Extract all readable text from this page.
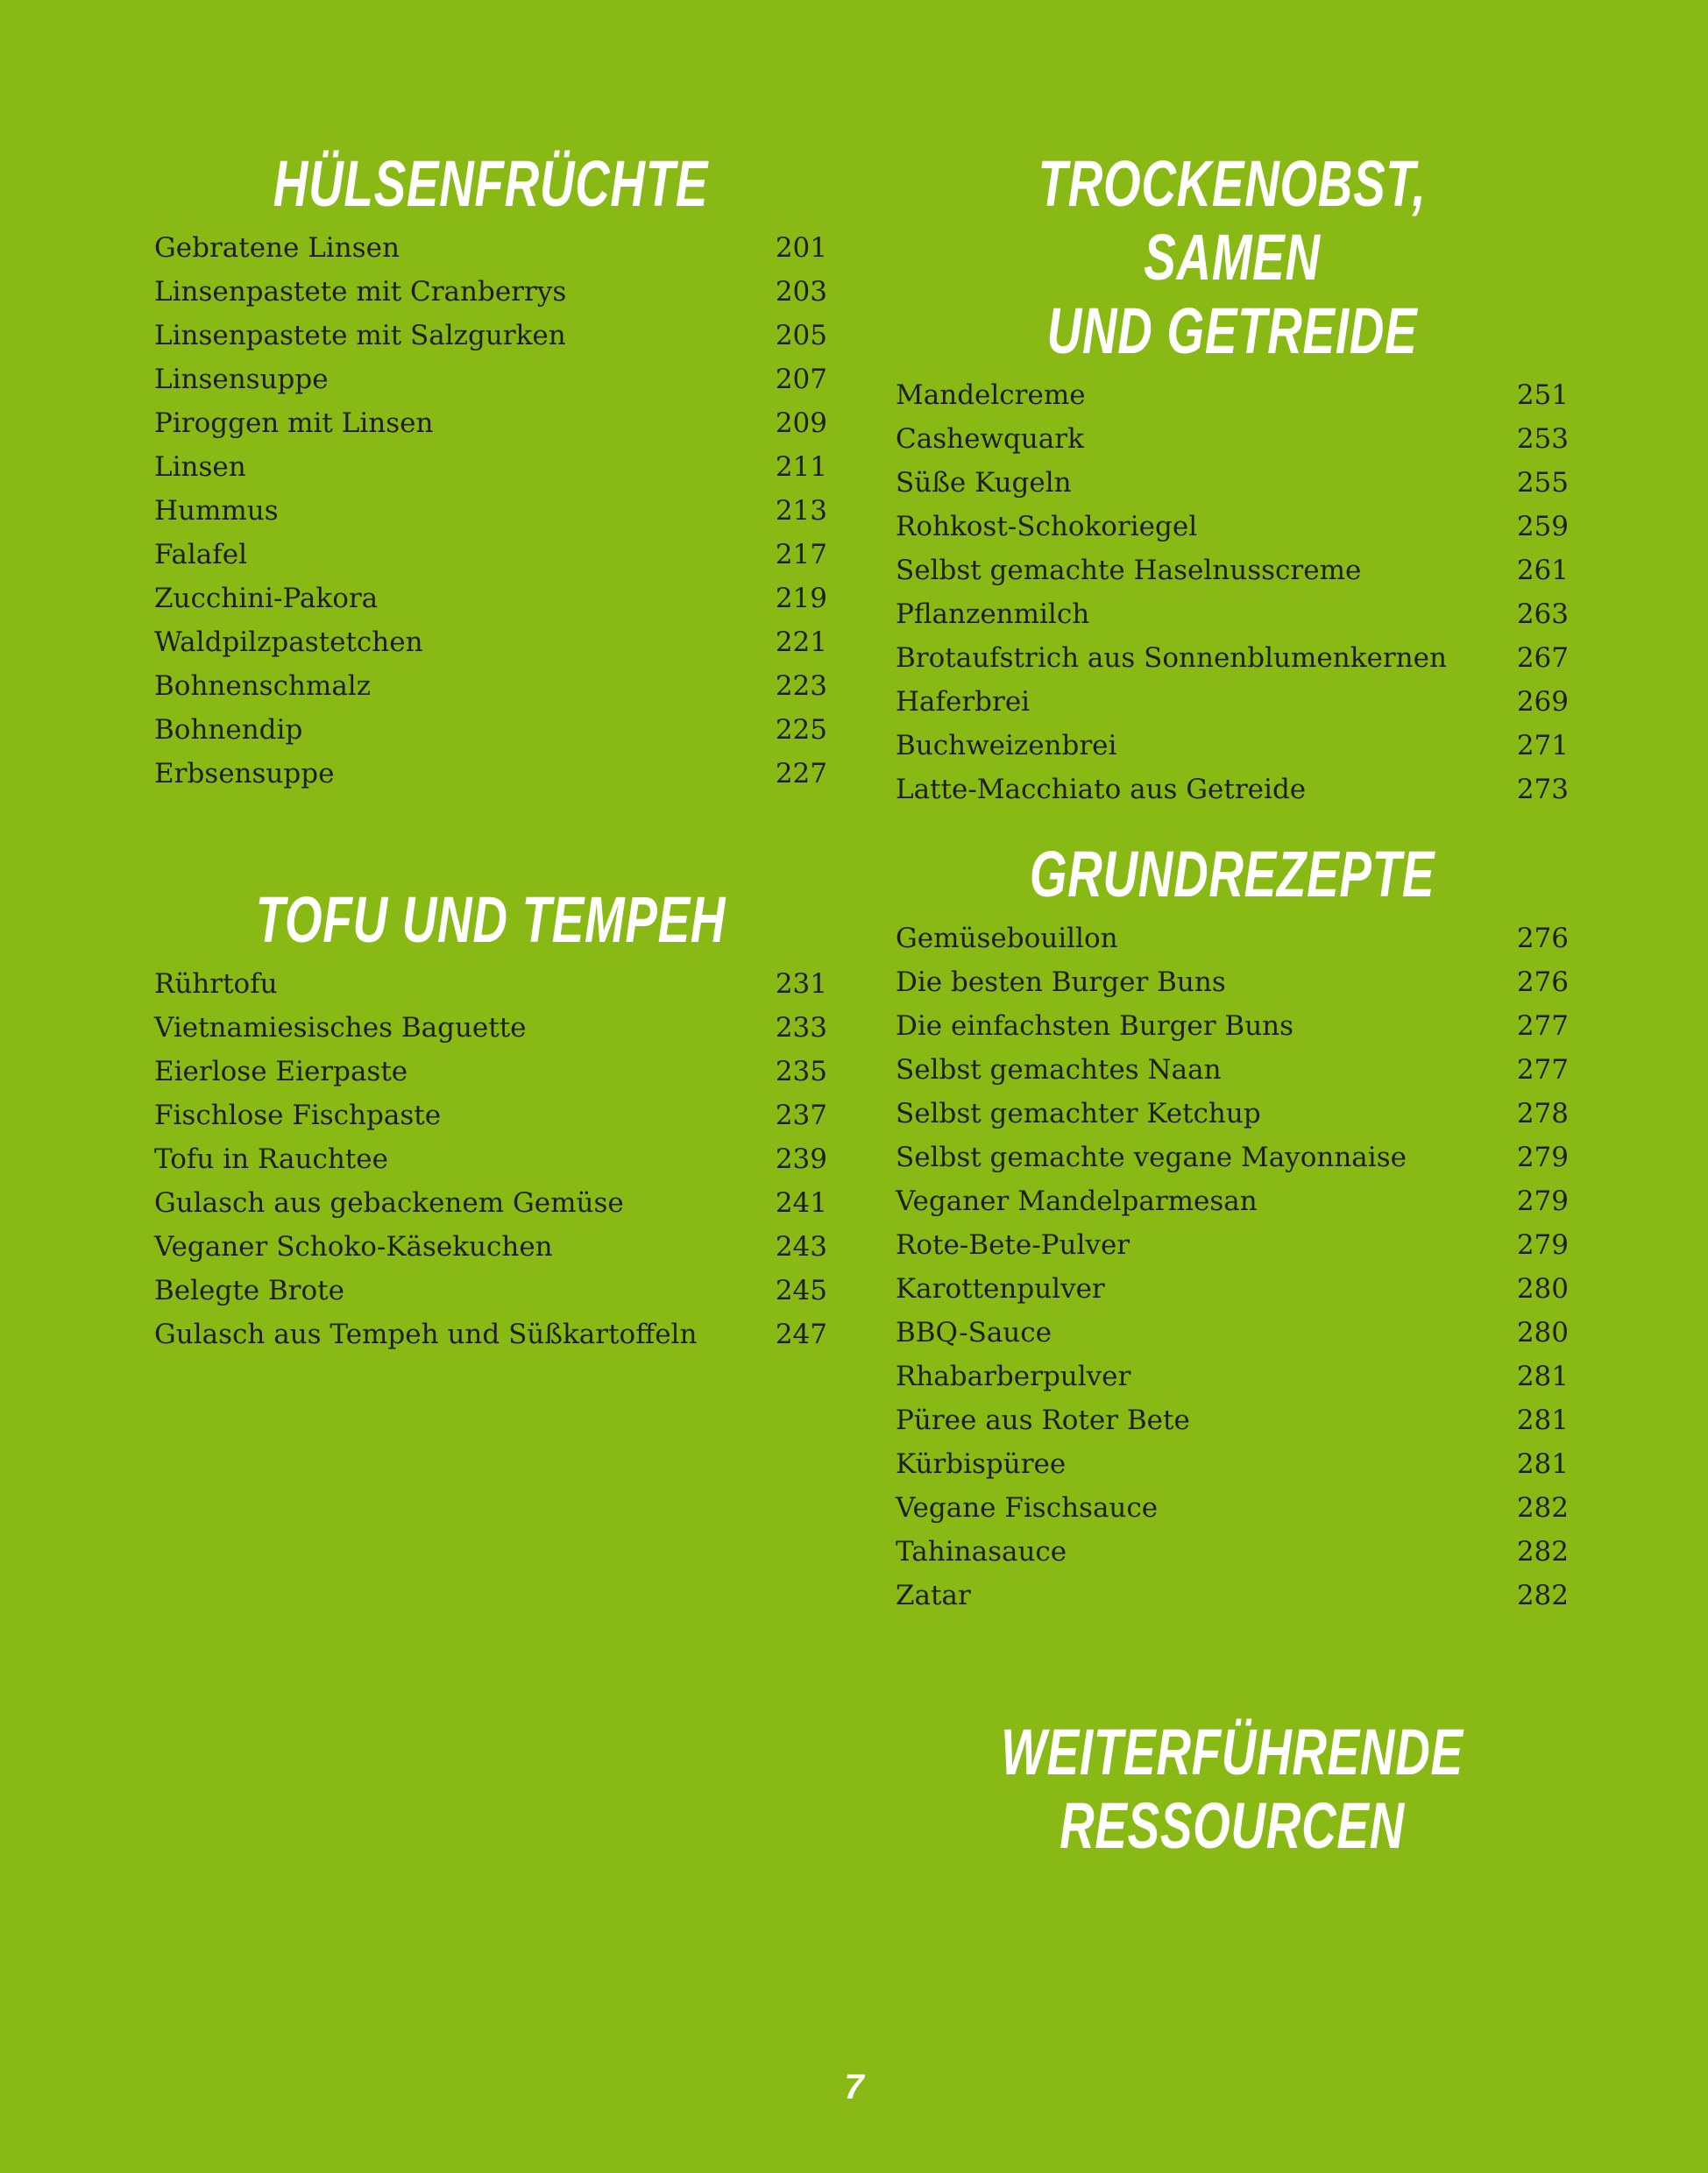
HÜLSENFRÜCHTE
Gebratene Linsen	201
Linsenpastete mit Cranberrys	203
Linsenpastete mit Salzgurken	205
Linsensuppe	207
Piroggen mit Linsen	209
Linsen	211
Hummus	213
Falafel	217
Zucchini-Pakora	219
Waldpilzpastetchen	221
Bohnenschmalz	223
Bohnendip	225
Erbsensuppe	227
TOFU UND TEMPEH
Rührtofu	231
Vietnamiesisches Baguette	233
Eierlose Eierpaste	235
Fischlose Fischpaste	237
Tofu in Rauchtee	239
Gulasch aus gebackenem Gemüse	241
Veganer Schoko-Käsekuchen	243
Belegte Brote	245
Gulasch aus Tempeh und Süßkartoffeln	247
TROCKENOBST, SAMEN
UND GETREIDE
Mandelcreme	251
Cashewquark	253
Süße Kugeln	255
Rohkost-Schokoriegel	259
Selbst gemachte Haselnusscreme	261
Pflanzenmilch	263
Brotaufstrich aus Sonnenblumenkernen	267
Haferbrei	269
Buchweizenbrei	271
Latte-Macchiato aus Getreide	273
GRUNDREZEPTE
Gemüsebouillon	276
Die besten Burger Buns	276
Die einfachsten Burger Buns	277
Selbst gemachtes Naan	277
Selbst gemachter Ketchup	278
Selbst gemachte vegane Mayonnaise	279
Veganer Mandelparmesan	279
Rote-Bete-Pulver	279
Karottenpulver	280
BBQ-Sauce	280
Rhabarberpulver	281
Püree aus Roter Bete	281
Kürbispüree	281
Vegane Fischsauce	282
Tahinasauce	282
Zatar	282
WEITERFÜHRENDE
RESSOURCEN
7
